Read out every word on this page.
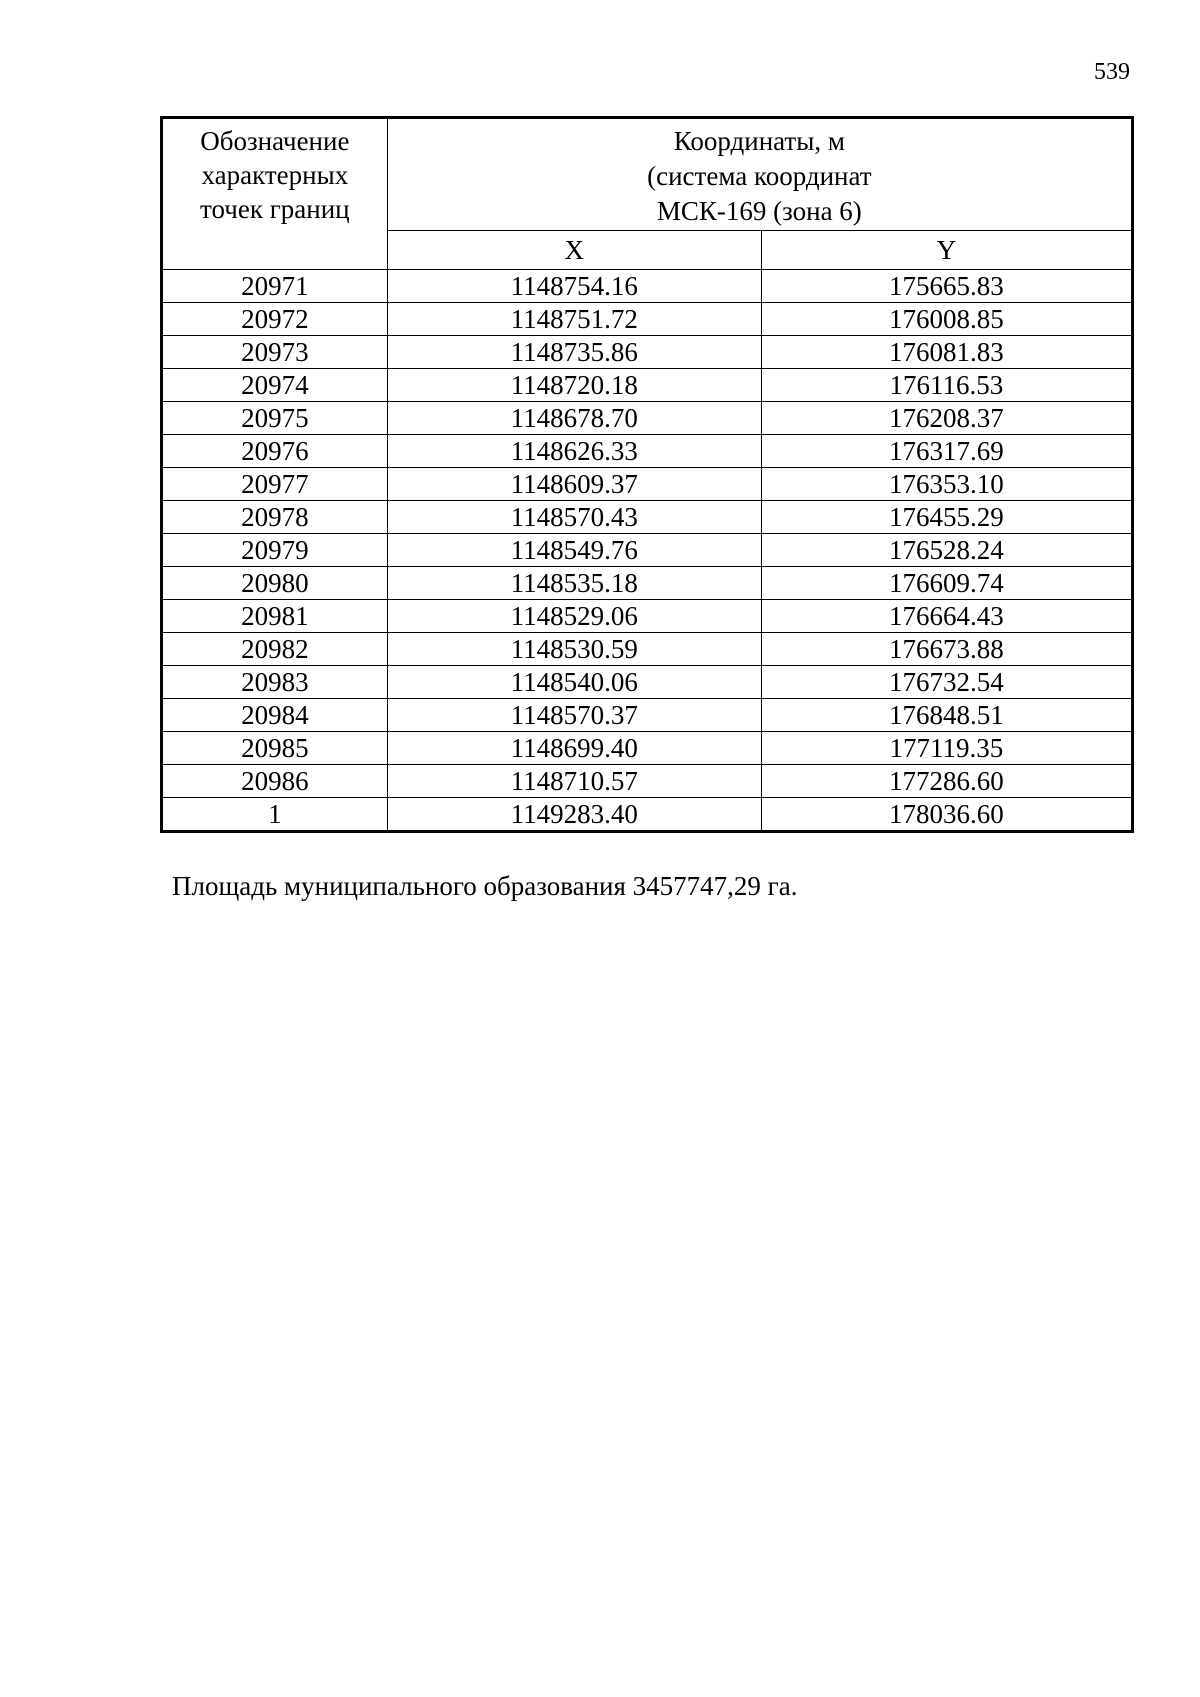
539
Обозначение
характерных
точек границ	Координаты, м
(система координат
МСК-169 (зона 6)	

	X	Y
20971	1148754.16	175665.83
20972	1148751.72	176008.85
20973	1148735.86	176081.83
20974	1148720.18	176116.53
20975	1148678.70	176208.37
20976	1148626.33	176317.69
20977	1148609.37	176353.10
20978	1148570.43	176455.29
20979	1148549.76	176528.24
20980	1148535.18	176609.74
20981	1148529.06	176664.43
20982	1148530.59	176673.88
20983	1148540.06	176732.54
20984	1148570.37	176848.51
20985	1148699.40	177119.35
20986	1148710.57	177286.60
1	1149283.40	178036.60
Площадь муниципального образования 3457747,29 га.
